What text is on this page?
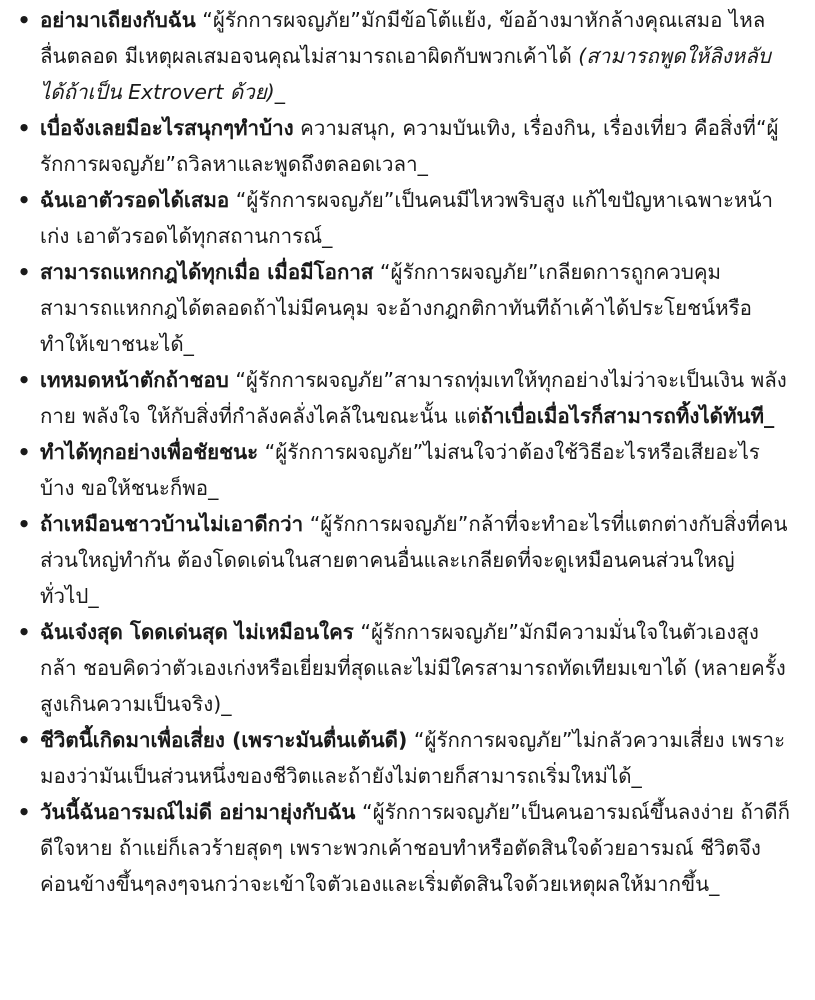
• อย่ามาเถียงกับฉัน “ผู้รักการผจญภัย”มักมีข้อโต้แย้ง, ข้ออ้างมาหักล้างคุณเสมอ ไหลลื่นตลอด มีเหตุผลเสมอจนคุณไม่สามารถเอาผิดกับพวกเค้าได้ (สามารถพูดให้ลิงหลับได้ถ้าเป็น Extrovert ด้วย)_
• เบื่อจังเลยมีอะไรสนุกๆทำบ้าง ความสนุก, ความบันเทิง, เรื่องกิน, เรื่องเที่ยว คือสิ่งที่“ผู้รักการผจญภัย”ถวิลหาและพูดถึงตลอดเวลา_
• ฉันเอาตัวรอดได้เสมอ “ผู้รักการผจญภัย”เป็นคนมีไหวพริบสูง แก้ไขปัญหาเฉพาะหน้าเก่ง เอาตัวรอดได้ทุกสถานการณ์_
• สามารถแหกกฎได้ทุกเมื่อ เมื่อมีโอกาส “ผู้รักการผจญภัย”เกลียดการถูกควบคุม สามารถแหกกฎได้ตลอดถ้าไม่มีคนคุม จะอ้างกฎกติกาทันทีถ้าเค้าได้ประโยชน์หรือทำให้เขาชนะได้_
• เทหมดหน้าตักถ้าชอบ “ผู้รักการผจญภัย”สามารถทุ่มเทให้ทุกอย่างไม่ว่าจะเป็นเงิน พลังกาย พลังใจ ให้กับสิ่งที่กำลังคลั่งไคล้ในขณะนั้น แต่ถ้าเบื่อเมื่อไรก็สามารถทิ้งได้ทันที_
• ทำได้ทุกอย่างเพื่อชัยชนะ “ผู้รักการผจญภัย”ไม่สนใจว่าต้องใช้วิธีอะไรหรือเสียอะไรบ้าง ขอให้ชนะก็พอ_
• ถ้าเหมือนชาวบ้านไม่เอาดีกว่า “ผู้รักการผจญภัย”กล้าที่จะทำอะไรที่แตกต่างกับสิ่งที่คนส่วนใหญ่ทำกัน ต้องโดดเด่นในสายตาคนอื่นและเกลียดที่จะดูเหมือนคนส่วนใหญ่ทั่วไป_
• ฉันเจ๋งสุด โดดเด่นสุด ไม่เหมือนใคร “ผู้รักการผจญภัย”มักมีความมั่นใจในตัวเองสูง กล้า ชอบคิดว่าตัวเองเก่งหรือเยี่ยมที่สุดและไม่มีใครสามารถทัดเทียมเขาได้ (หลายครั้งสูงเกินความเป็นจริง)_
• ชีวิตนี้เกิดมาเพื่อเสี่ยง (เพราะมันตื่นเต้นดี) “ผู้รักการผจญภัย”ไม่กลัวความเสี่ยง เพราะมองว่ามันเป็นส่วนหนึ่งของชีวิตและถ้ายังไม่ตายก็สามารถเริ่มใหม่ได้_
• วันนี้ฉันอารมณ์ไม่ดี อย่ามายุ่งกับฉัน “ผู้รักการผจญภัย”เป็นคนอารมณ์ขึ้นลงง่าย ถ้าดีก็ดีใจหาย ถ้าแย่ก็เลวร้ายสุดๆ เพราะพวกเค้าชอบทำหรือตัดสินใจด้วยอารมณ์ ชีวิตจึงค่อนข้างขึ้นๆลงๆจนกว่าจะเข้าใจตัวเองและเริ่มตัดสินใจด้วยเหตุผลให้มากขึ้น_
